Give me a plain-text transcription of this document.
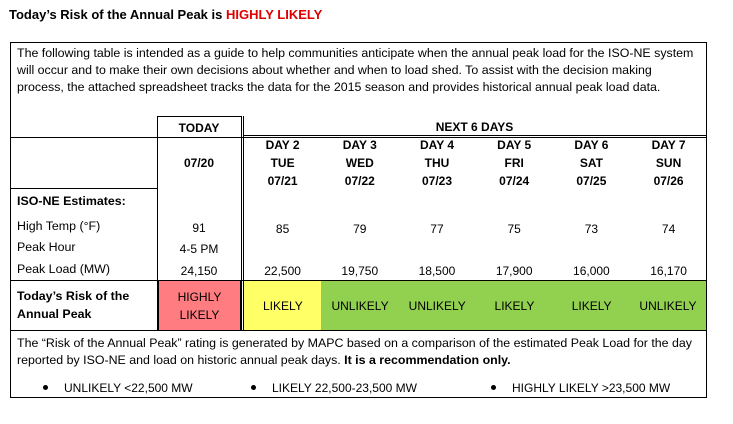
Today’s Risk of the Annual Peak is HIGHLY LIKELY
The following table is intended as a guide to help communities anticipate when the annual peak load for the ISO-NE system will occur and to make their own decisions about whether and when to load shed. To assist with the decision making process, the attached spreadsheet tracks the data for the 2015 season and provides historical annual peak load data.
TODAY
07/20
91
4-5 PM
24,150
NEXT 6 DAYS
ISO-NE Estimates:
High Temp (°F)
Peak Hour
Peak Load (MW)
Today’s Risk of the
Annual Peak
HIGHLY
LIKELY
DAY 2
TUE
07/21
85
22,500
LIKELY
DAY 3
WED
07/22
79
19,750
UNLIKELY
DAY 4
THU
07/23
77
18,500
UNLIKELY
DAY 5
FRI
07/24
75
17,900
LIKELY
DAY 6
SAT
07/25
73
16,000
LIKELY
DAY 7
SUN
07/26
74
16,170
UNLIKELY
The “Risk of the Annual Peak” rating is generated by MAPC based on a comparison of the estimated Peak Load for the day reported by ISO-NE and load on historic annual peak days. It is a recommendation only.
UNLIKELY <22,500 MW	LIKELY 22,500-23,500 MW	HIGHLY LIKELY >23,500 MW
